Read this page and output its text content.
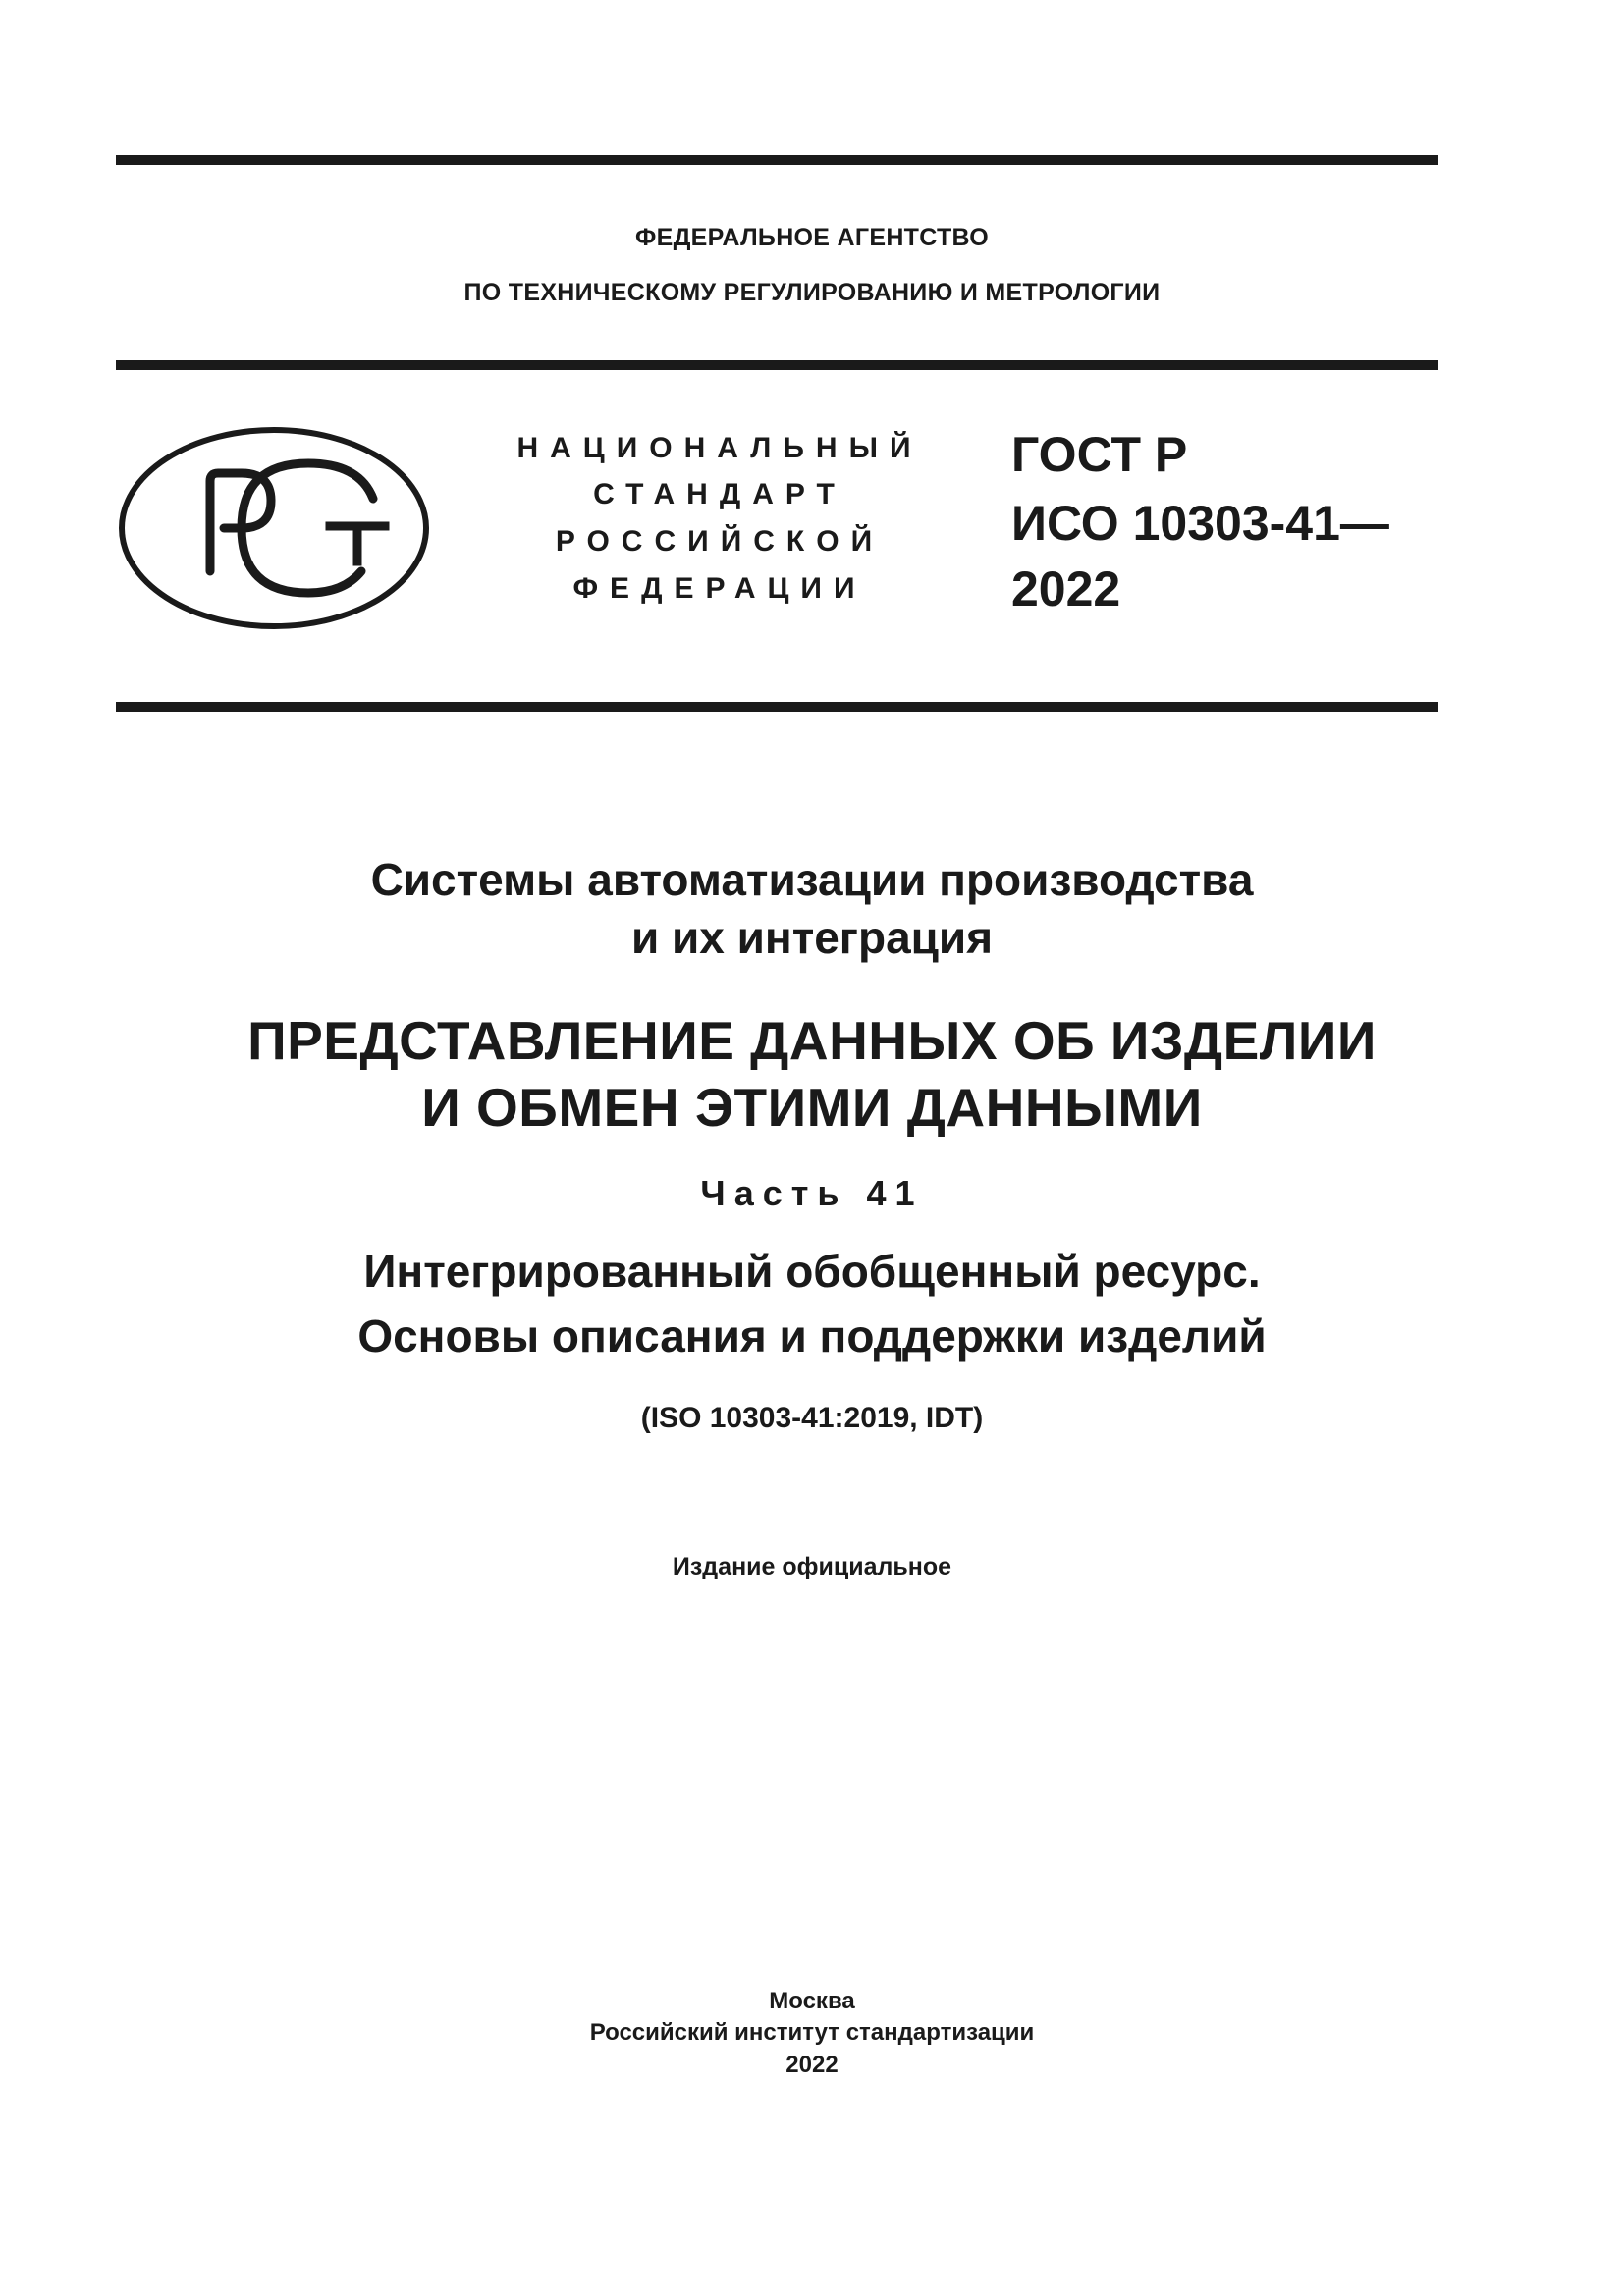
ФЕДЕРАЛЬНОЕ АГЕНТСТВО
ПО ТЕХНИЧЕСКОМУ РЕГУЛИРОВАНИЮ И МЕТРОЛОГИИ
НАЦИОНАЛЬНЫЙ
СТАНДАРТ
РОССИЙСКОЙ
ФЕДЕРАЦИИ
ГОСТ Р
ИСО 10303-41—
2022
Системы автоматизации производства
и их интеграция
ПРЕДСТАВЛЕНИЕ ДАННЫХ ОБ ИЗДЕЛИИ
И ОБМЕН ЭТИМИ ДАННЫМИ
Часть 41
Интегрированный обобщенный ресурс.
Основы описания и поддержки изделий
(ISO 10303-41:2019, IDT)
Издание официальное
Москва
Российский институт стандартизации
2022
